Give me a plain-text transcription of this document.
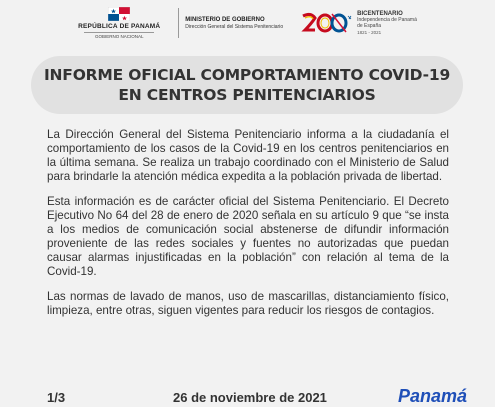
REPÚBLICA DE PANAMÁ
GOBIERNO NACIONAL
MINISTERIO DE GOBIERNO
Dirección General del Sistema Penitenciario
BICENTENARIO
Independencia de Panamá
de España
1821 - 2021
INFORME OFICIAL COMPORTAMIENTO COVID-19
EN CENTROS PENITENCIARIOS

La Dirección General del Sistema Penitenciario informa a la ciudadanía el comportamiento de los casos de la Covid-19 en los centros penitenciarios en la última semana. Se realiza un trabajo coordinado con el Ministerio de Salud para brindarle la atención médica expedita a la población privada de libertad.

Esta información es de carácter oficial del Sistema Penitenciario. El Decreto Ejecutivo No 64 del 28 de enero de 2020 señala en su artículo 9 que “se insta a los medios de comunicación social abstenerse de difundir información proveniente de las redes sociales y fuentes no autorizadas que puedan causar alarmas injustificadas en la población” con relación al tema de la Covid-19.

Las normas de lavado de manos, uso de mascarillas, distanciamiento físico, limpieza, entre otras, siguen vigentes para reducir los riesgos de contagios.

1/3	26 de noviembre de 2021	Panamá
